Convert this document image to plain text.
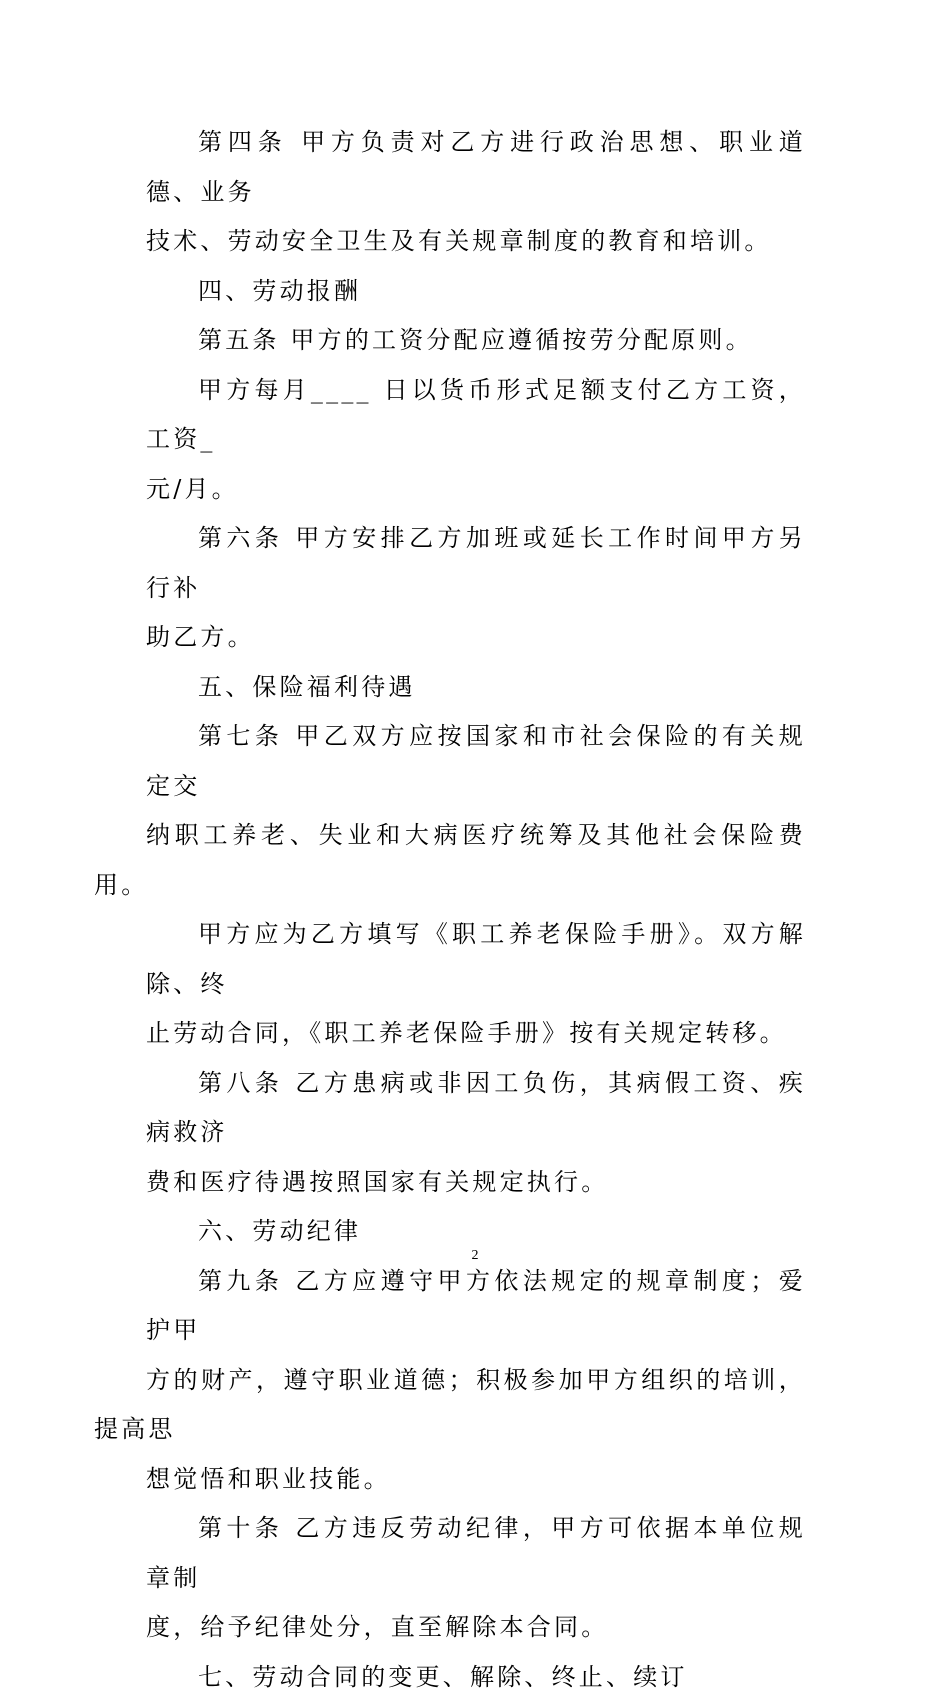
第四条 甲方负责对乙方进行政治思想、职业道德、业务
技术、劳动安全卫生及有关规章制度的教育和培训。

四、劳动报酬

第五条 甲方的工资分配应遵循按劳分配原则。

甲方每月____ 日以货币形式足额支付乙方工资，工资_
元/月。

第六条 甲方安排乙方加班或延长工作时间甲方另行补
助乙方。

五、保险福利待遇

第七条 甲乙双方应按国家和市社会保险的有关规定交
纳职工养老、失业和大病医疗统筹及其他社会保险费用。

甲方应为乙方填写《职工养老保险手册》。双方解除、终
止劳动合同，《职工养老保险手册》按有关规定转移。

第八条 乙方患病或非因工负伤，其病假工资、疾病救济
费和医疗待遇按照国家有关规定执行。

六、劳动纪律

第九条 乙方应遵守甲方依法规定的规章制度；爱护甲
方的财产，遵守职业道德；积极参加甲方组织的培训，提高思
想觉悟和职业技能。

第十条 乙方违反劳动纪律，甲方可依据本单位规章制
度，给予纪律处分，直至解除本合同。

七、劳动合同的变更、解除、终止、续订

2
